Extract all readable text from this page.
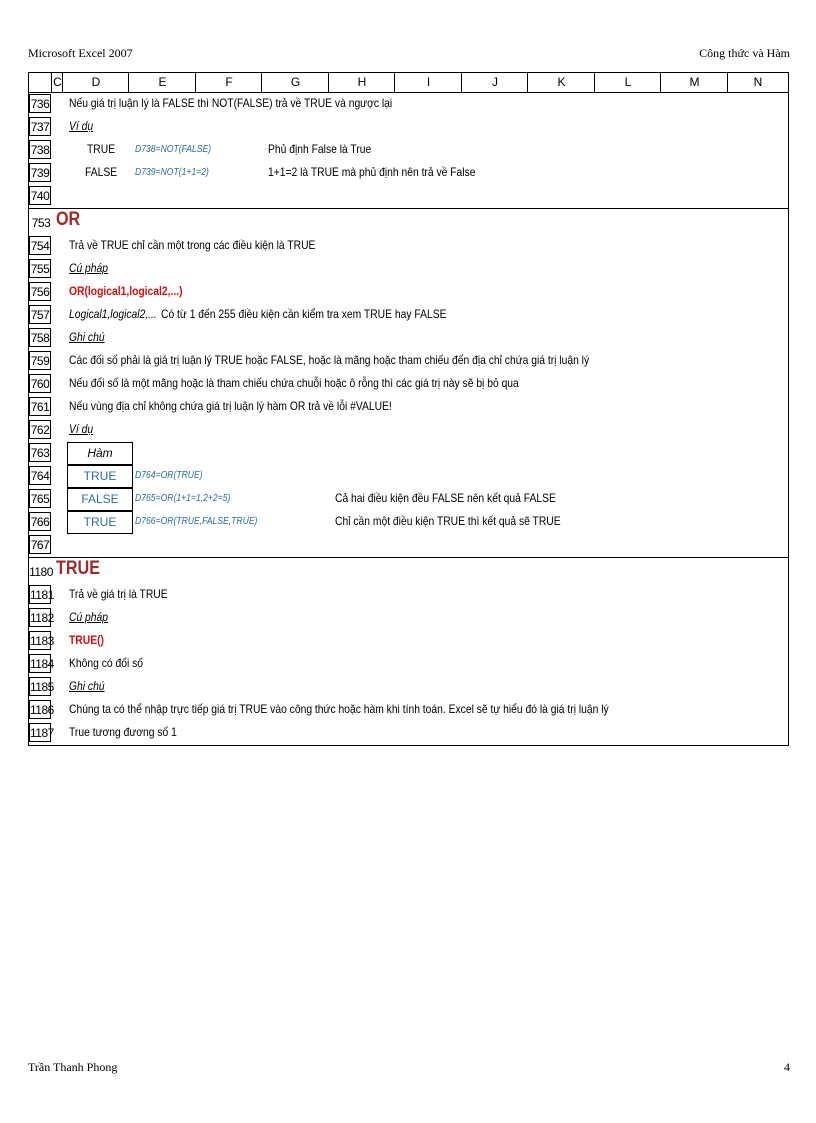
Microsoft Excel 2007	Công thức và Hàm
C	D	E	F	G	H	I	J	K	L	M	N
736 Nếu giá trị luận lý là FALSE thì NOT(FALSE) trả về TRUE và ngược lại
737 Ví dụ
738	TRUE D738=NOT(FALSE)	Phủ định False là True
739	FALSE D739=NOT(1+1=2)	1+1=2 là TRUE mà phủ định nên trả về False
740
753 OR
754 Trả về TRUE chỉ cần một trong các điều kiện là TRUE
755 Cú pháp
756 OR(logical1,logical2,...)
757 Logical1,logical2,... Có từ 1 đến 255 điều kiện cần kiểm tra xem TRUE hay FALSE
758 Ghi chú
759 Các đối số phải là giá trị luận lý TRUE hoặc FALSE, hoặc là mãng hoặc tham chiếu đến địa chỉ chứa giá trị luận lý
760 Nếu đối số là một mãng hoặc là tham chiếu chứa chuỗi hoặc ô rỗng thì các giá trị này sẽ bị bỏ qua
761 Nếu vùng địa chỉ không chứa giá trị luận lý hàm OR trả về lỗi #VALUE!
762 Ví dụ
763	Hàm
764	TRUE	D764=OR(TRUE)
765	FALSE	D765=OR(1+1=1,2+2=5)	Cả hai điều kiện đều FALSE nên kết quả FALSE
766	TRUE	D766=OR(TRUE,FALSE,TRUE)	Chỉ cần một điều kiện TRUE thì kết quả sẽ TRUE
767
1180 TRUE
1181 Trả về giá trị là TRUE
1182 Cú pháp
1183 TRUE()
1184 Không có đối số
1185 Ghi chú
1186 Chúng ta có thể nhập trực tiếp giá trị TRUE vào công thức hoặc hàm khi tính toán. Excel sẽ tự hiểu đó là giá trị luận lý
1187 True tương đương số 1
Trần Thanh Phong	4
